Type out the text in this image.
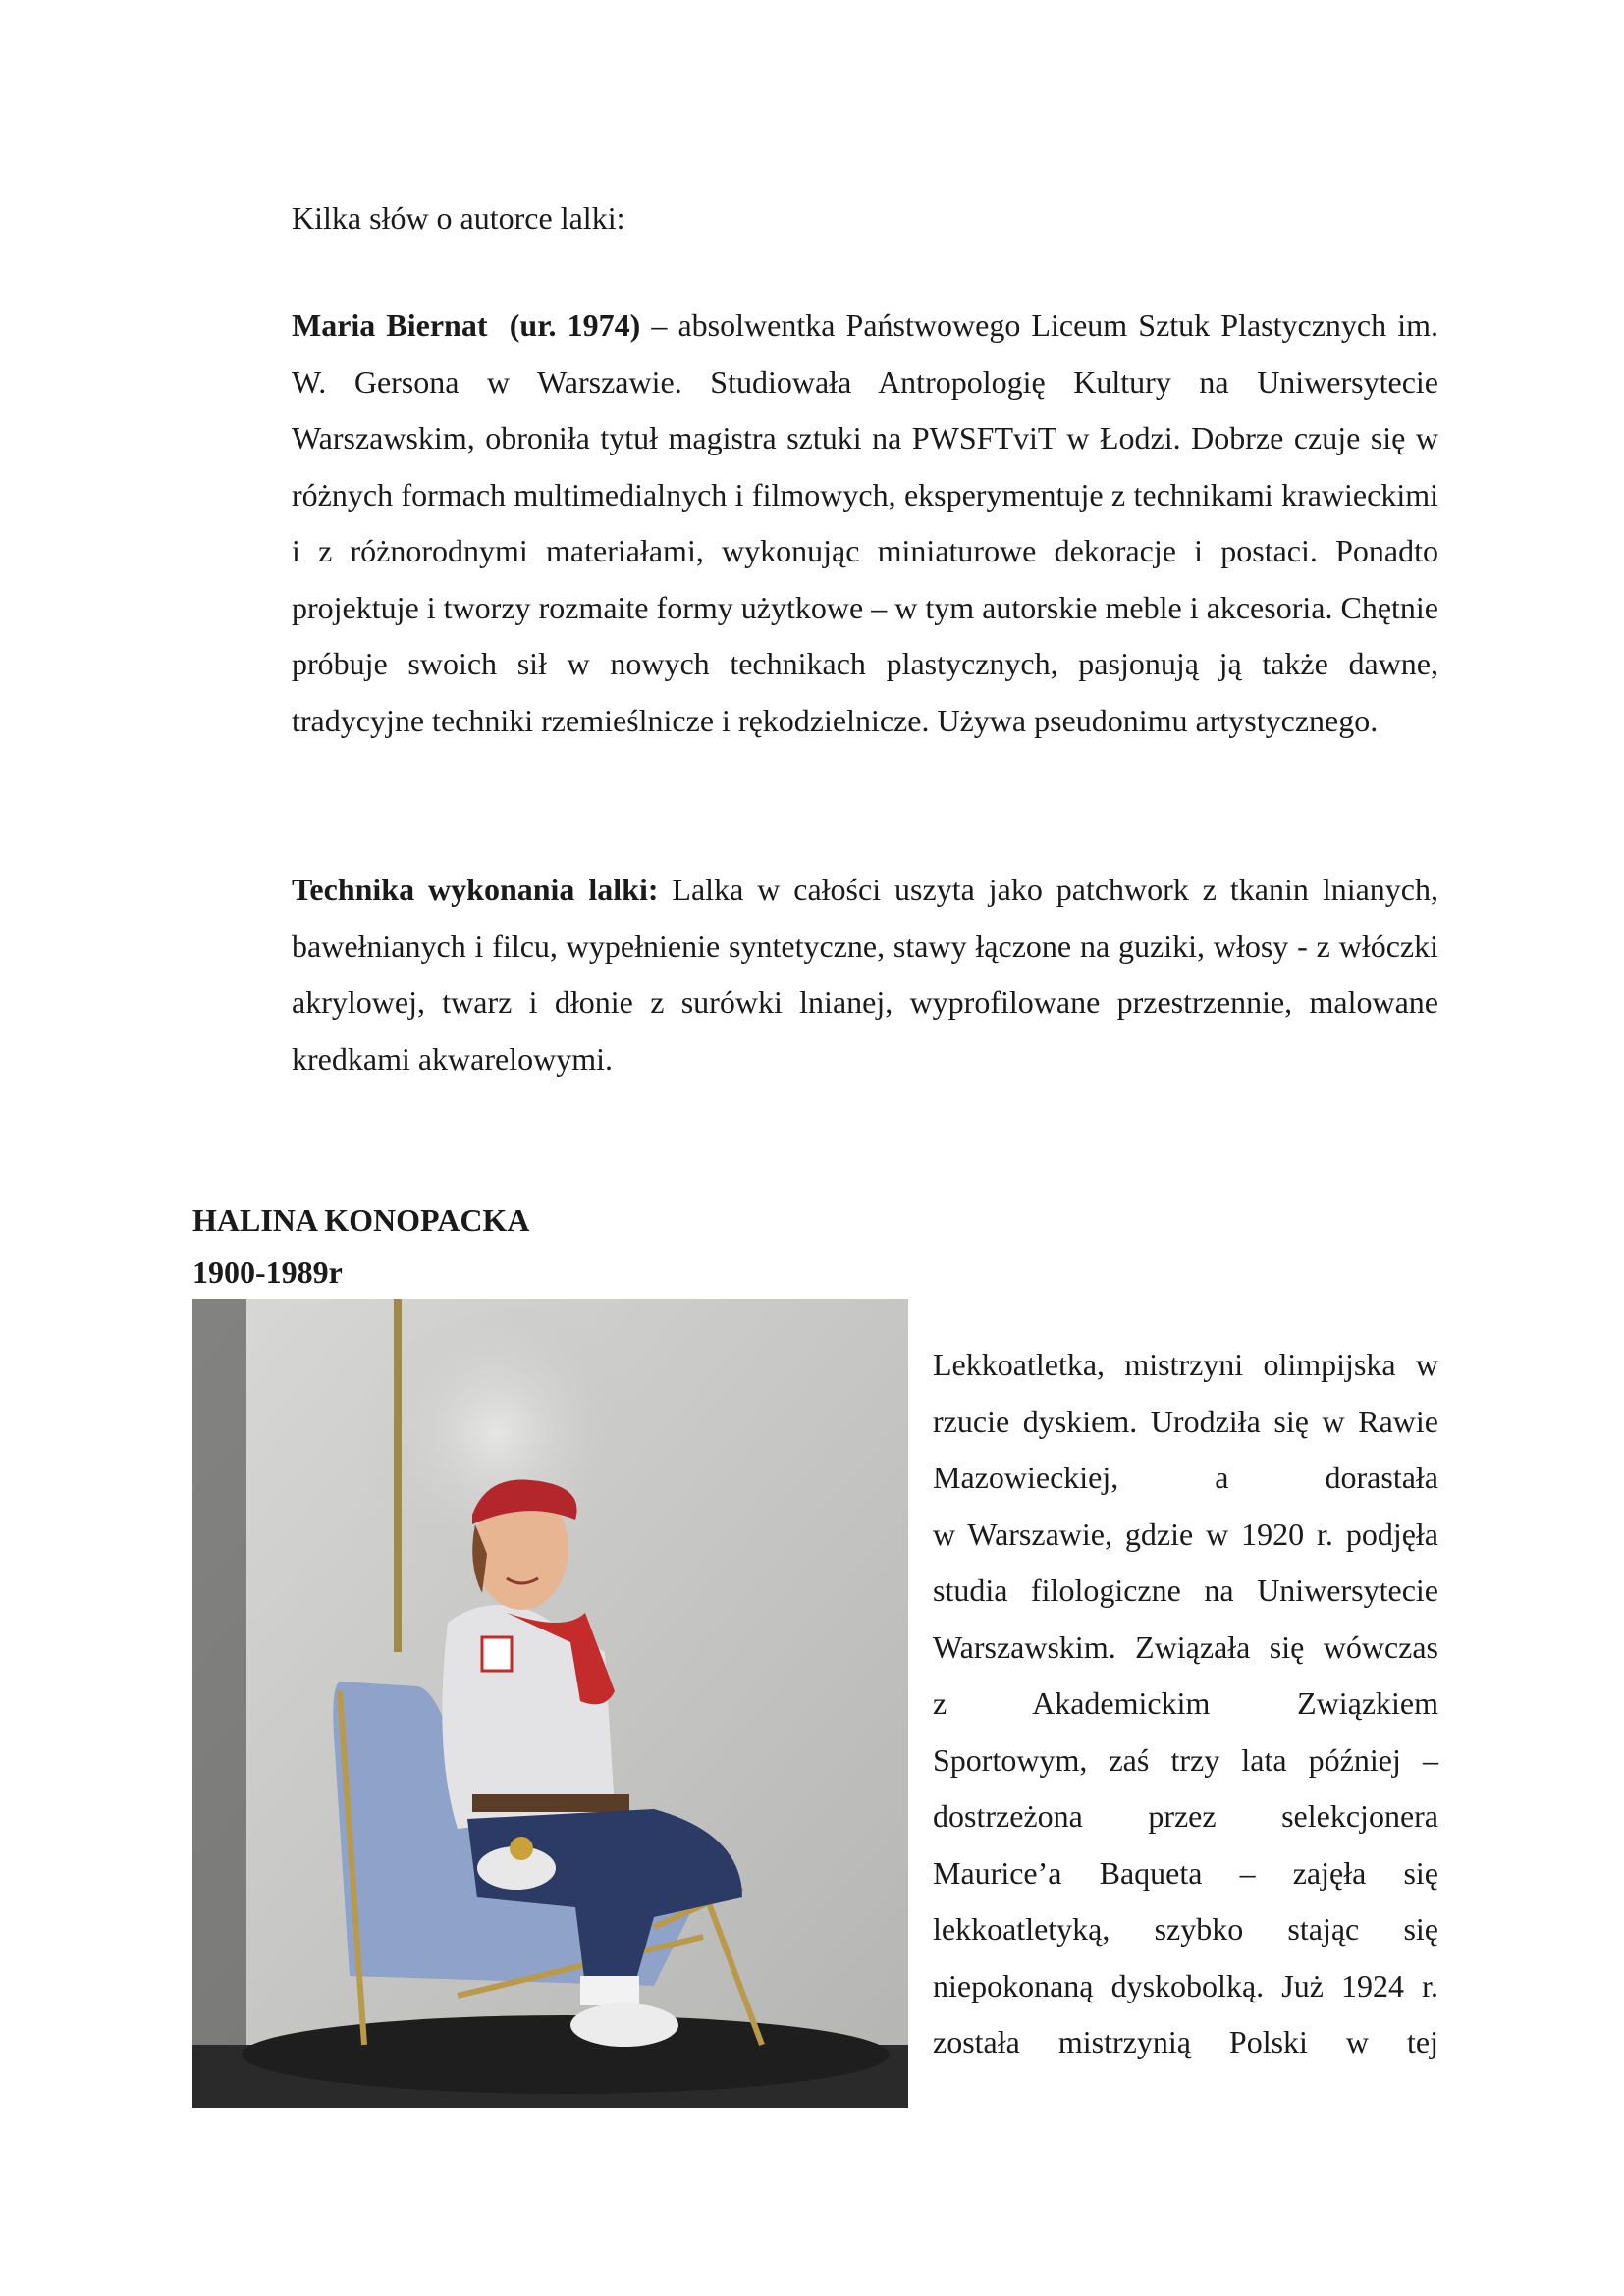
Kilka słów o autorce lalki:

Maria Biernat (ur. 1974) – absolwentka Państwowego Liceum Sztuk Plastycznych im. W. Gersona w Warszawie. Studiowała Antropologię Kultury na Uniwersytecie Warszawskim, obroniła tytuł magistra sztuki na PWSFTviT w Łodzi. Dobrze czuje się w różnych formach multimedialnych i filmowych, eksperymentuje z technikami krawieckimi i z różnorodnymi materiałami, wykonując miniaturowe dekoracje i postaci. Ponadto projektuje i tworzy rozmaite formy użytkowe – w tym autorskie meble i akcesoria. Chętnie próbuje swoich sił w nowych technikach plastycznych, pasjonują ją także dawne, tradycyjne techniki rzemieślnicze i rękodzielnicze. Używa pseudonimu artystycznego.

Technika wykonania lalki: Lalka w całości uszyta jako patchwork z tkanin lnianych, bawełnianych i filcu, wypełnienie syntetyczne, stawy łączone na guziki, włosy - z włóczki akrylowej, twarz i dłonie z surówki lnianej, wyprofilowane przestrzennie, malowane kredkami akwarelowymi.

HALINA KONOPACKA
1900-1989r
Lekkoatletka, mistrzyni olimpijska w
rzucie dyskiem. Urodziła się w Rawie
Mazowieckiej, a dorastała
w Warszawie, gdzie w 1920 r. podjęła
studia filologiczne na Uniwersytecie
Warszawskim. Związała się wówczas
z Akademickim Związkiem
Sportowym, zaś trzy lata później –
dostrzeżona przez selekcjonera
Maurice’a Baqueta – zajęła się
lekkoatletyką, szybko stając się
niepokonaną dyskobolką. Już 1924 r.
została mistrzynią Polski w tej
